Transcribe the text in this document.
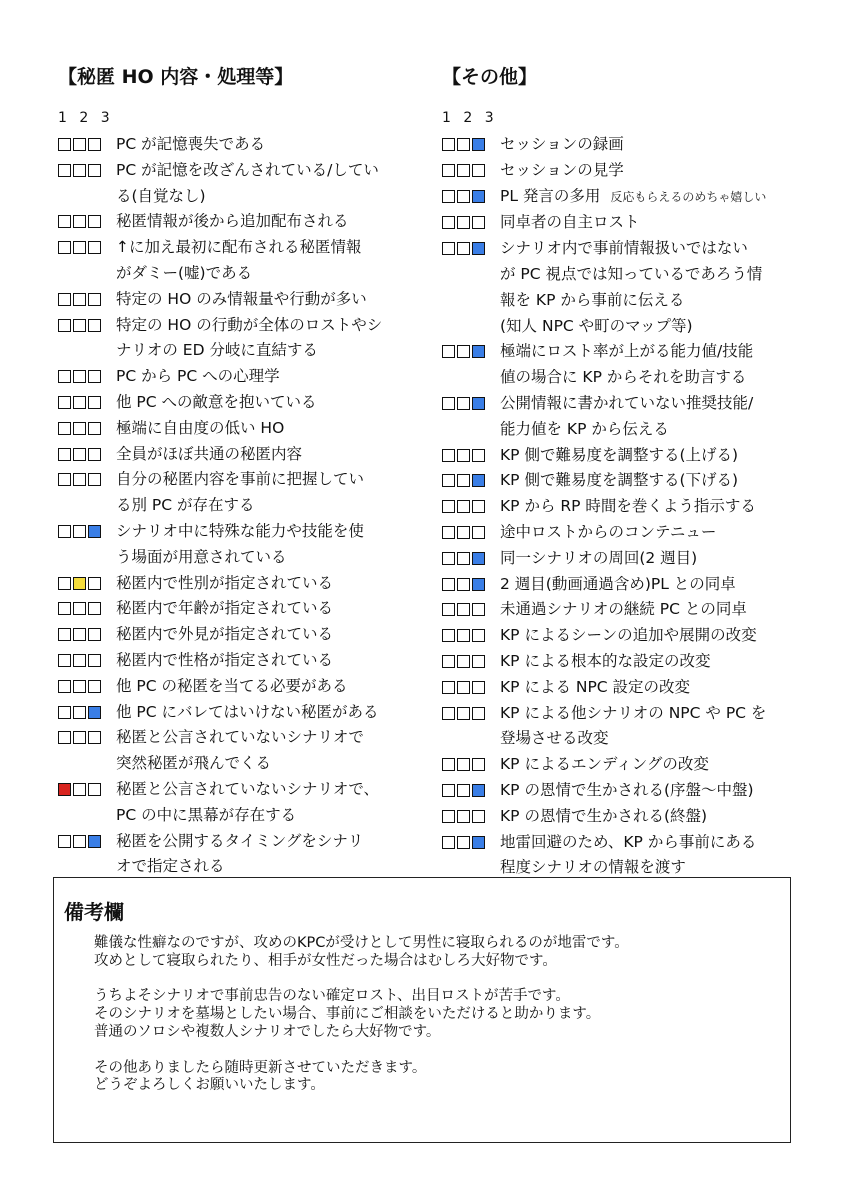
【秘匿 HO 内容・処理等】
1 2 3
PC が記憶喪失である
PC が記憶を改ざんされている/してい
る(自覚なし)
秘匿情報が後から追加配布される
↑に加え最初に配布される秘匿情報
がダミー(嘘)である
特定の HO のみ情報量や行動が多い
特定の HO の行動が全体のロストやシ
ナリオの ED 分岐に直結する
PC から PC への心理学
他 PC への敵意を抱いている
極端に自由度の低い HO
全員がほぼ共通の秘匿内容
自分の秘匿内容を事前に把握してい
る別 PC が存在する
シナリオ中に特殊な能力や技能を使
う場面が用意されている
秘匿内で性別が指定されている
秘匿内で年齢が指定されている
秘匿内で外見が指定されている
秘匿内で性格が指定されている
他 PC の秘匿を当てる必要がある
他 PC にバレてはいけない秘匿がある
秘匿と公言されていないシナリオで
突然秘匿が飛んでくる
秘匿と公言されていないシナリオで、
PC の中に黒幕が存在する
秘匿を公開するタイミングをシナリ
オで指定される
【その他】
1 2 3
セッションの録画
セッションの見学
PL 発言の多用 反応もらえるのめちゃ嬉しい
同卓者の自主ロスト
シナリオ内で事前情報扱いではない
が PC 視点では知っているであろう情
報を KP から事前に伝える
(知人 NPC や町のマップ等)
極端にロスト率が上がる能力値/技能
値の場合に KP からそれを助言する
公開情報に書かれていない推奨技能/
能力値を KP から伝える
KP 側で難易度を調整する(上げる)
KP 側で難易度を調整する(下げる)
KP から RP 時間を巻くよう指示する
途中ロストからのコンテニュー
同一シナリオの周回(2 週目)
2 週目(動画通過含め)PL との同卓
未通過シナリオの継続 PC との同卓
KP によるシーンの追加や展開の改変
KP による根本的な設定の改変
KP による NPC 設定の改変
KP による他シナリオの NPC や PC を
登場させる改変
KP によるエンディングの改変
KP の恩情で生かされる(序盤～中盤)
KP の恩情で生かされる(終盤)
地雷回避のため、KP から事前にある
程度シナリオの情報を渡す
備考欄
難儀な性癖なのですが、攻めのKPCが受けとして男性に寝取られるのが地雷です。
攻めとして寝取られたり、相手が女性だった場合はむしろ大好物です。
うちよそシナリオで事前忠告のない確定ロスト、出目ロストが苦手です。
そのシナリオを墓場としたい場合、事前にご相談をいただけると助かります。
普通のソロシや複数人シナリオでしたら大好物です。
その他ありましたら随時更新させていただきます。
どうぞよろしくお願いいたします。
